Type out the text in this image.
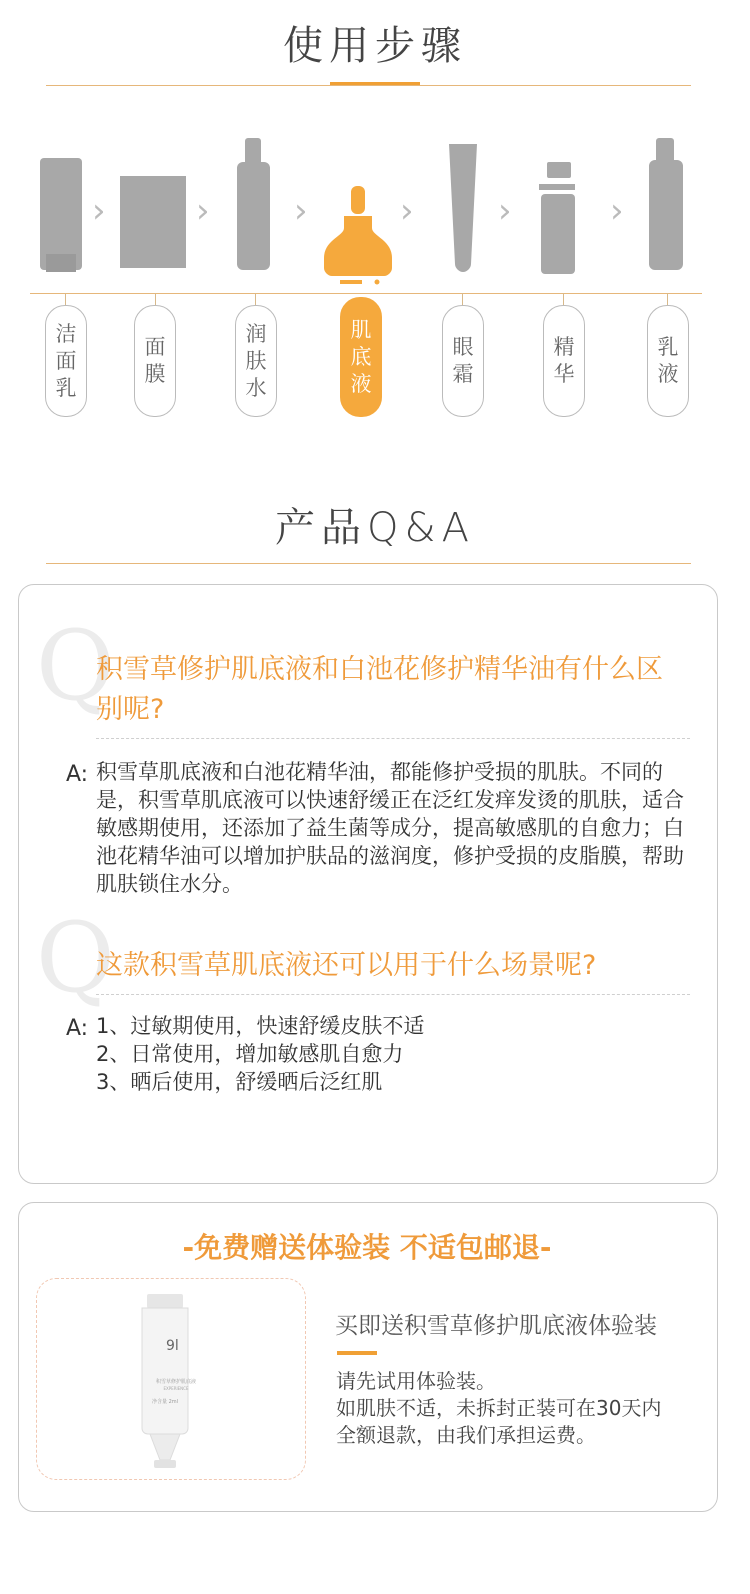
使用步骤
›	› ›	› ›	›
洁
面
乳
面
膜
润
肤
水
肌
底
液
眼
霜
精
华
乳
液
产品Q&A
Q
积雪草修护肌底液和白池花修护精华油有什么区别呢?
A: 积雪草肌底液和白池花精华油，都能修护受损的肌肤。不同的是，积雪草肌底液可以快速舒缓正在泛红发痒发烫的肌肤，适合敏感期使用，还添加了益生菌等成分，提高敏感肌的自愈力；白池花精华油可以增加护肤品的滋润度，修护受损的皮脂膜，帮助肌肤锁住水分。
Q
这款积雪草肌底液还可以用于什么场景呢?
A: 1、过敏期使用，快速舒缓皮肤不适
2、日常使用，增加敏感肌自愈力
3、晒后使用，舒缓晒后泛红肌
-免费赠送体验装 不适包邮退-
9l
积雪草修护肌底液
EXPERIENCE
净含量 2ml
买即送积雪草修护肌底液体验装
请先试用体验装。
如肌肤不适，未拆封正装可在30天内
全额退款，由我们承担运费。
